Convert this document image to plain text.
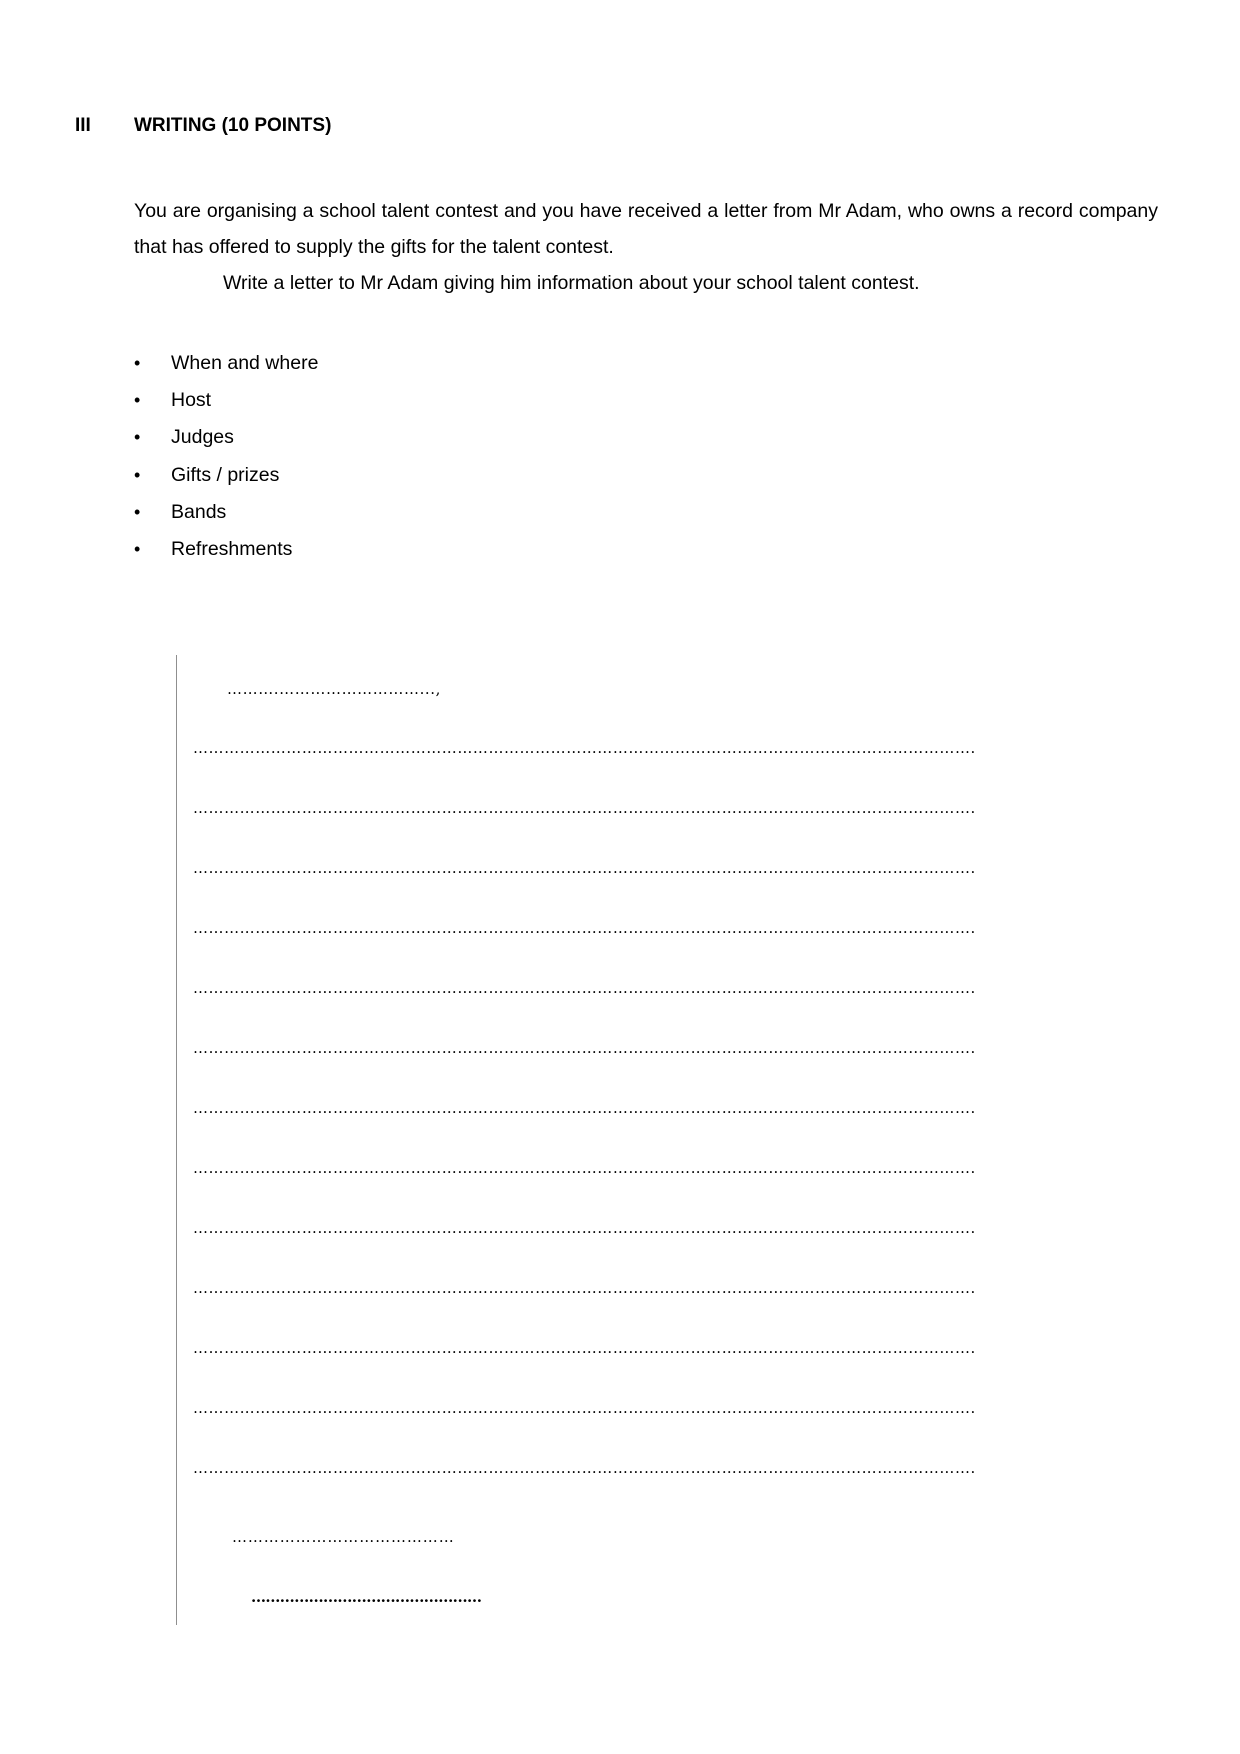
III WRITING (10 POINTS)

You are organising a school talent contest and you have received a letter from Mr Adam, who owns a record company that has offered to supply the gifts for the talent contest.

Write a letter to Mr Adam giving him information about your school talent contest.

• When and where
• Host
• Judges
• Gifts / prizes
• Bands
• Refreshments
……….………………………...,
…………………………………………………………………………………………………………………………………….
…………………………………………………………………………………………………………………………………….
…………………………………………………………………………………………………………………………………….
…………………………………………………………………………………………………………………………………….
…………………………………………………………………………………………………………………………………….
…………………………………………………………………………………………………………………………………….
…………………………………………………………………………………………………………………………………….
…………………………………………………………………………………………………………………………………….
…………………………………………………………………………………………………………………………………….
…………………………………………………………………………………………………………………………………….
…………………………………………………………………………………………………………………………………….
…………………………………………………………………………………………………………………………………….
…………………………………………………………………………………………………………………………………….
……………………………………
…………………………………………
